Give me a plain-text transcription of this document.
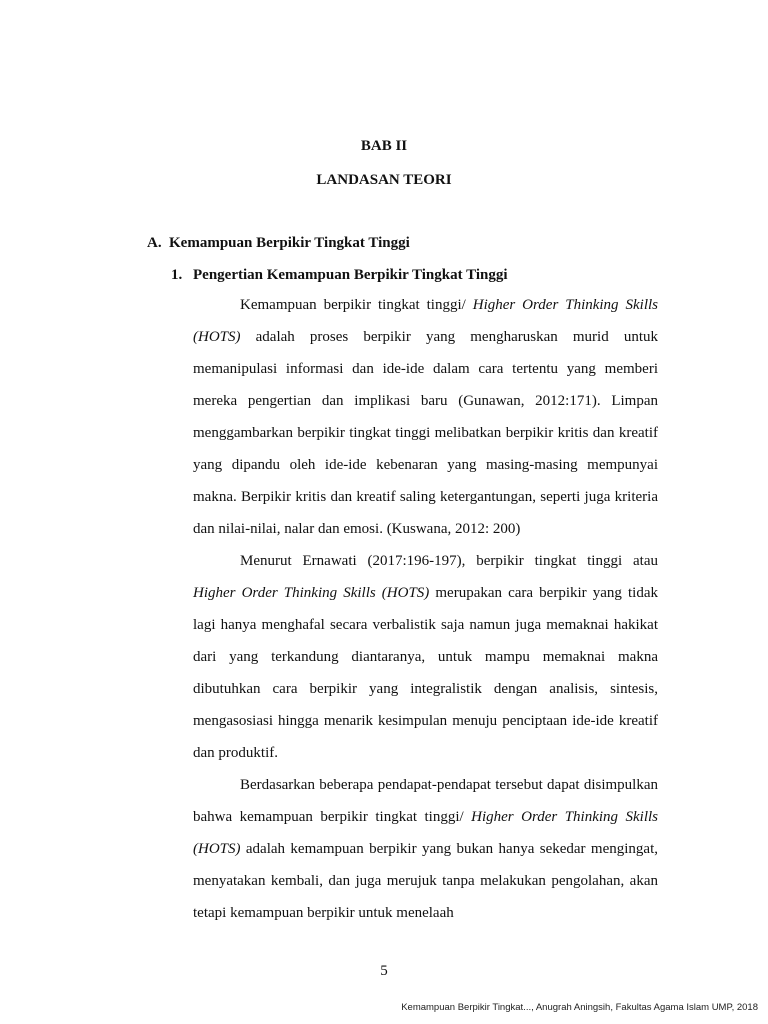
BAB II
LANDASAN TEORI
A. Kemampuan Berpikir Tingkat Tinggi
1. Pengertian Kemampuan Berpikir Tingkat Tinggi

Kemampuan berpikir tingkat tinggi/ Higher Order Thinking Skills (HOTS) adalah proses berpikir yang mengharuskan murid untuk memanipulasi informasi dan ide-ide dalam cara tertentu yang memberi mereka pengertian dan implikasi baru (Gunawan, 2012:171). Limpan menggambarkan berpikir tingkat tinggi melibatkan berpikir kritis dan kreatif yang dipandu oleh ide-ide kebenaran yang masing-masing mempunyai makna. Berpikir kritis dan kreatif saling ketergantungan, seperti juga kriteria dan nilai-nilai, nalar dan emosi. (Kuswana, 2012: 200)

Menurut Ernawati (2017:196-197), berpikir tingkat tinggi atau Higher Order Thinking Skills (HOTS) merupakan cara berpikir yang tidak lagi hanya menghafal secara verbalistik saja namun juga memaknai hakikat dari yang terkandung diantaranya, untuk mampu memaknai makna dibutuhkan cara berpikir yang integralistik dengan analisis, sintesis, mengasosiasi hingga menarik kesimpulan menuju penciptaan ide-ide kreatif dan produktif.

Berdasarkan beberapa pendapat-pendapat tersebut dapat disimpulkan bahwa kemampuan berpikir tingkat tinggi/ Higher Order Thinking Skills (HOTS) adalah kemampuan berpikir yang bukan hanya sekedar mengingat, menyatakan kembali, dan juga merujuk tanpa melakukan pengolahan, akan tetapi kemampuan berpikir untuk menelaah

5
Kemampuan Berpikir Tingkat..., Anugrah Aningsih, Fakultas Agama Islam UMP, 2018
